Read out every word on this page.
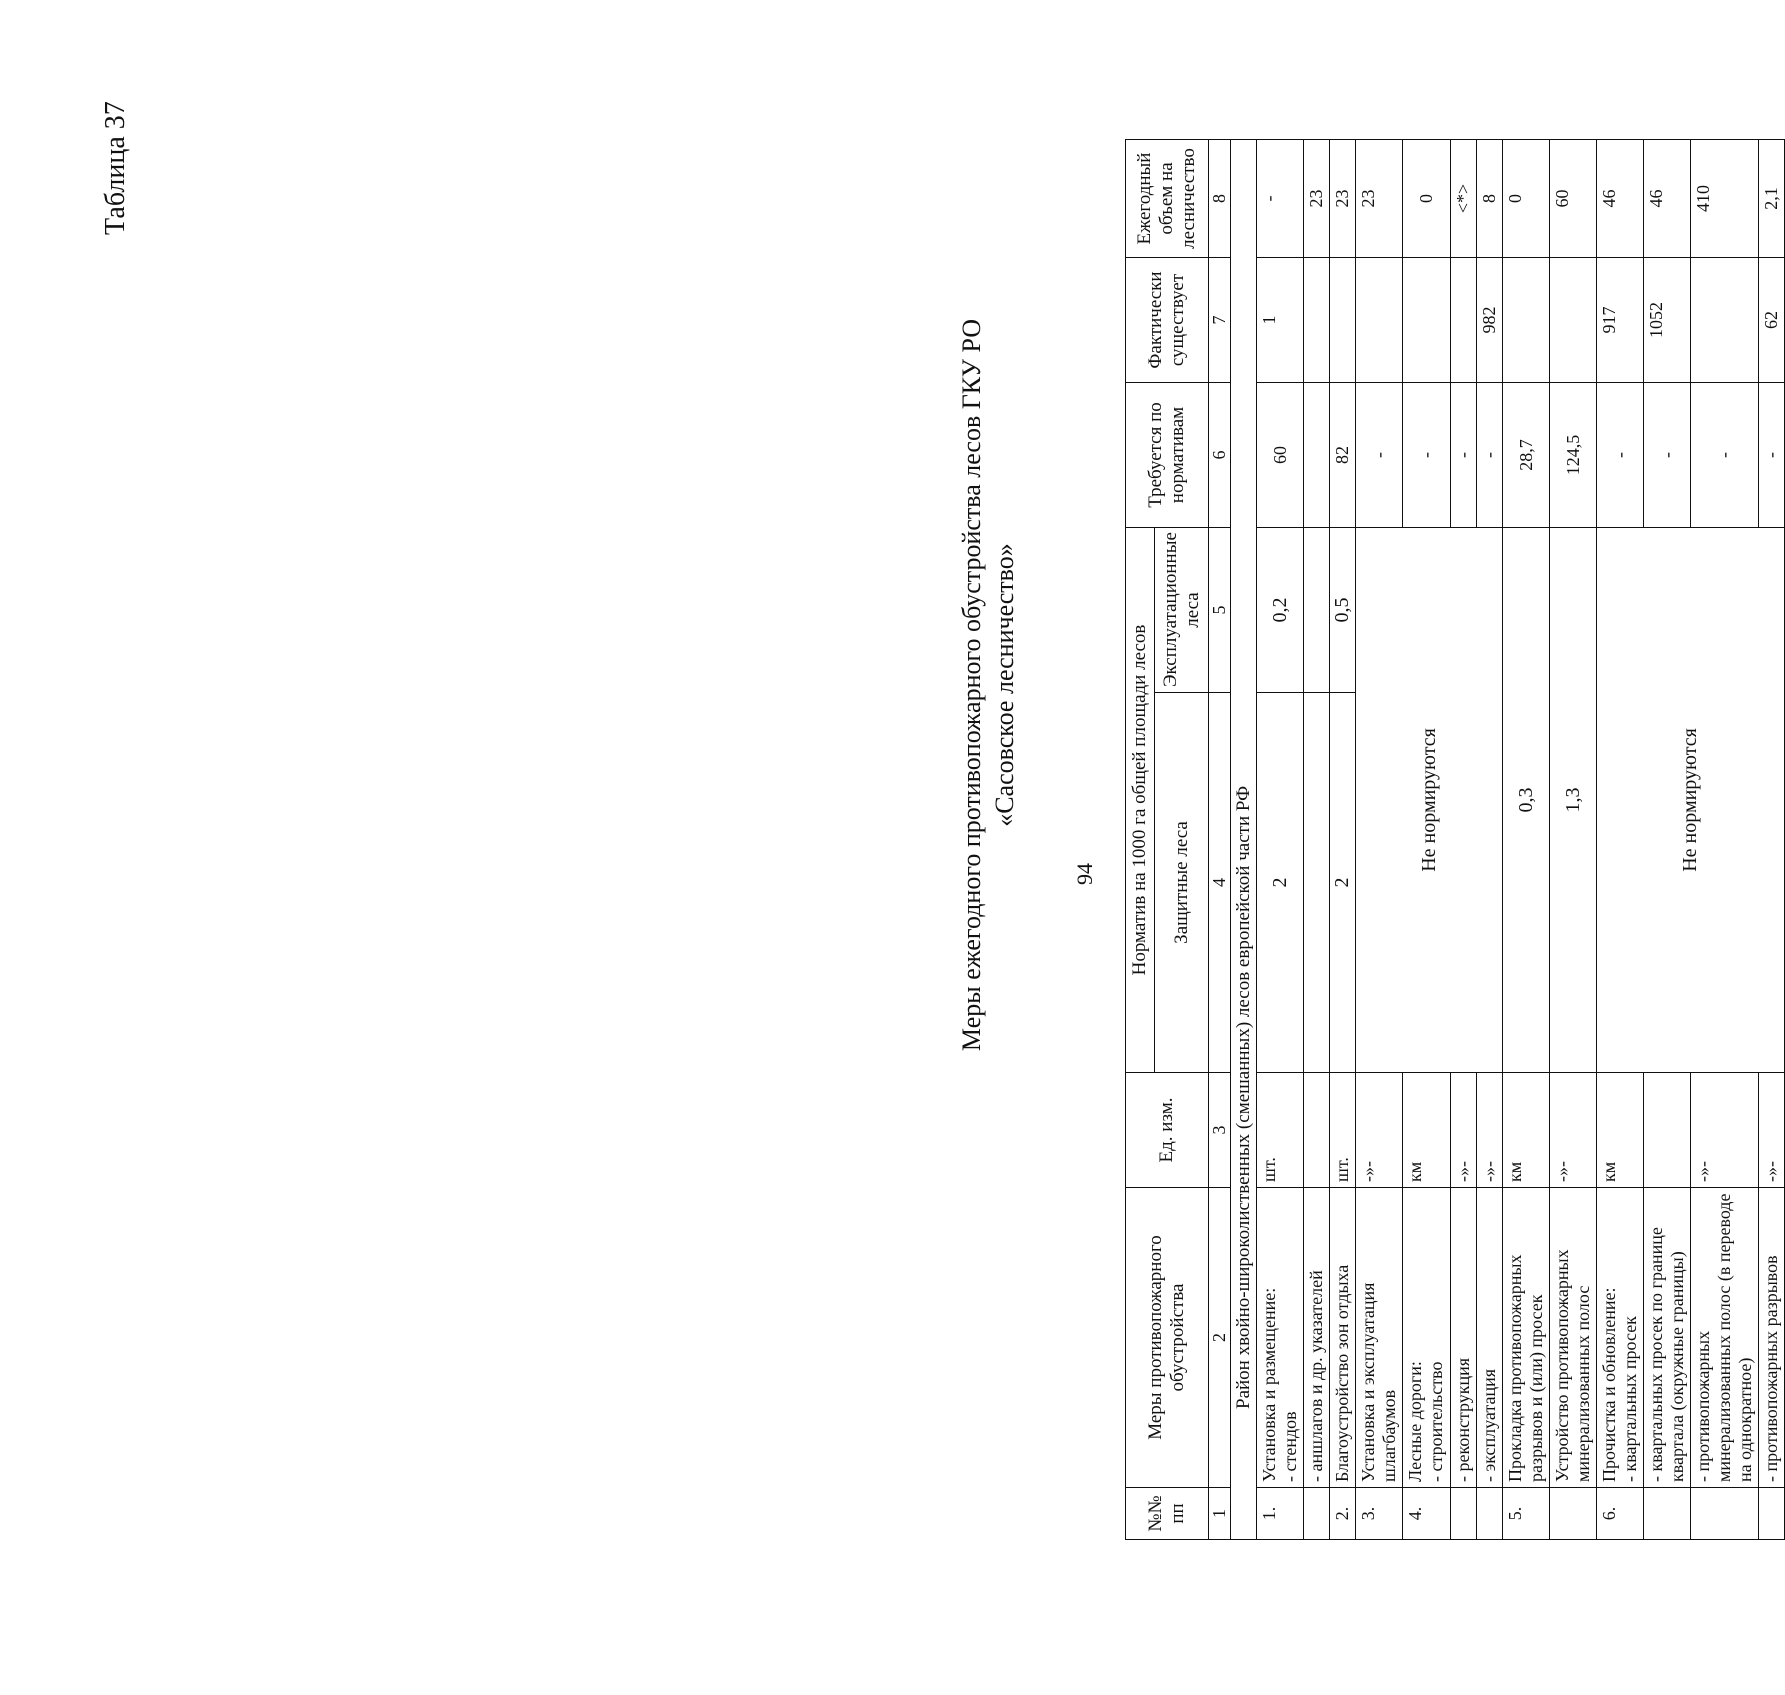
Меры ежегодного противопожарного обустройства лесов ГКУ РО «Сасовское лесничество»
Таблица 37
№№ пп	Меры противопожарного обустройства	Ед. изм.	Норматив на 1000 га общей площади лесов		Требуется по нормативам	Фактически существует	Ежегодный объем на лесничество
			Защитные леса	Эксплуатационные леса			
1	2	3	4	5	6	7	8
Район хвойно-широколиственных (смешанных) лесов европейской части РФ							
1.	Установка и размещение: - стендов	шт.	2	0,2	60	1	-
	- аншлагов и др. указателей						23
2.	Благоустройство зон отдыха	шт.	2	0,5	82		23
3.	Установка и эксплуатация шлагбаумов	-»-	Не нормируются		-		23
4.	Лесные дороги: - строительство	км			-		0
	- реконструкция	-»-			-		<*>
	- эксплуатация	-»-			-	982	8
5.	Прокладка противопожарных разрывов и (или) просек	км	0,3		28,7		0
	Устройство противопожарных минерализованных полос	-»-	1,3		124,5		60
6.	Прочистка и обновление: - квартальных просек	км	Не нормируются		-	917	46
	- квартальных просек по границе квартала (окружные границы)				-	1052	46
	- противопожарных минерализованных полос (в переводе на однократное)	-»-			-		410
	- противопожарных разрывов	-»-			-	62	2,1
94
